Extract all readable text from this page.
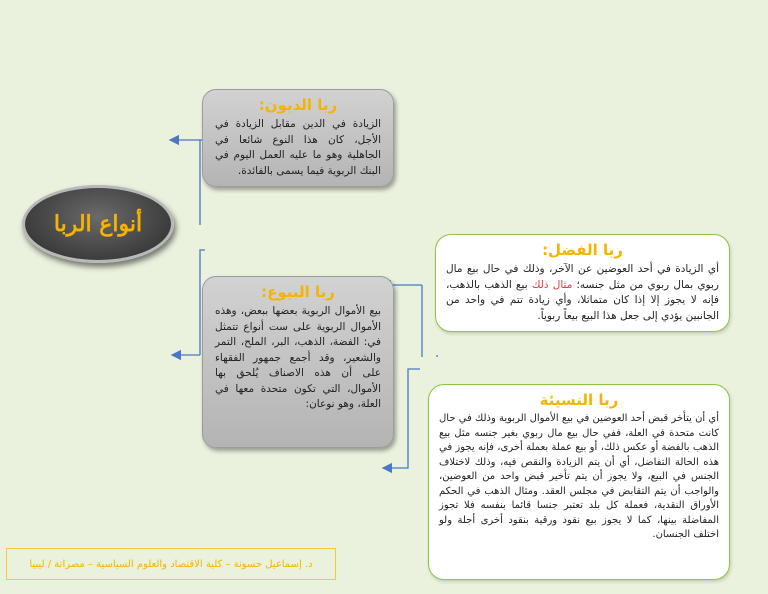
أنواع الربا
ربا الديون:
الزيادة في الدين مقابل الزيادة في الأجل، كان هذا النوع شائعا في الجاهلية وهو ما عليه العمل اليوم في البنك الربوية فيما يسمى بالفائدة.
ربا البيوع:
بيع الأموال الربوية بعضها ببعض، وهذه الأموال الربوية على ست أنواع تتمثل في: الفضة، الذهب، البر، الملح، التمر والشعير، وقد أجمع جمهور الفقهاء على أن هذه الاصناف يُلحق بها الأموال، التي تكون متحدة معها في العلة، وهو نوعان:
ربا الفضل:
أي الزيادة في أحد العوضين عن الآخر، وذلك في حال بيع مال ربوي بمال ربوي من مثل جنسه؛ مثال ذلك بيع الذهب بالذهب، فإنه لا يجوز إلا إذا كان متماثلا، وأي زيادة تتم في واحد من الجانبين يؤدي إلى جعل هذا البيع بيعاً ربوياً.
ربا النسيئة
أي أن يتأخر قبض أحد العوضين في بيع الأموال الربوية وذلك في حال كانت متحدة في العلة، ففي حال بيع مال ربوي بغير جنسه مثل بيع الذهب بالفضة أو عكس ذلك، أو بيع عملة بعملة أخرى، فإنه يجوز في هذه الحالة التفاضل، أي أن يتم الزيادة والنقص فيه، وذلك لاختلاف الجنس في البيع، ولا يجوز أن يتم تأخير قبض واحد من العوضين، والواجب أن يتم التقابض في مجلس العقد. ومثال الذهب في الحكم الأوراق النقدية، فعملة كل بلد تعتبر جنسا قائما بنفسه فلا تجوز المفاضلة بينها، كما لا يجوز بيع نقود ورقية بنقود أخرى أجلة ولو اختلف الجنسان.
د. إسماعيل حسونة – كلية الاقتصاد والعلوم السياسية – مصراتة / ليبيا
